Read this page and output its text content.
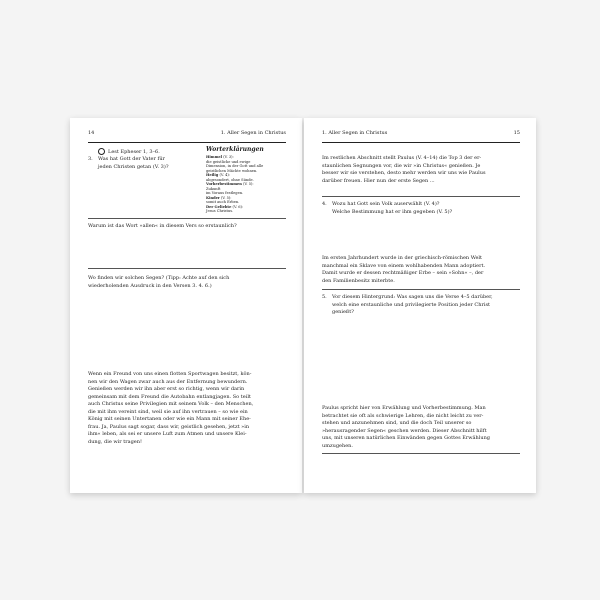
14	1. Aller Segen in Christus
Lest Epheser 1, 3–6.
3. Was hat Gott der Vater für
jeden Christen getan (V. 3)?
Worterklärungen
Himmel (V. 3):
die geistliche und ewige
Dimension, in der Gott und alle
geistlichen Mächte wohnen.
Heilig (V. 4):
abgesondert, ohne Sünde.
Vorherbestimmen (V. 5):
Zukunft
im Voraus festlegen.
Kinder (V. 5):
somit auch Erben.
Der Geliebte (V. 6):
Jesus Christus.
Warum ist das Wort »allen« in diesem Vers so erstaunlich?
Wo finden wir solchen Segen? (Tipp: Achte auf den sich
wiederholenden Ausdruck in den Versen 3. 4. 6.)
Wenn ein Freund von uns einen flotten Sportwagen besitzt, kön-
nen wir den Wagen zwar auch aus der Entfernung bewundern.
Genießen werden wir ihn aber erst so richtig, wenn wir darin
gemeinsam mit dem Freund die Autobahn entlangjagen. So teilt
auch Christus seine Privilegien mit seinem Volk – den Menschen,
die mit ihm vereint sind, weil sie auf ihn vertrauen – so wie ein
König mit seinen Untertanen oder wie ein Mann mit seiner Ehe-
frau. Ja, Paulus sagt sogar, dass wir, geistlich gesehen, jetzt »in
ihm« leben, als sei er unsere Luft zum Atmen und unsere Klei-
dung, die wir tragen!
1. Aller Segen in Christus	15
Im restlichen Abschnitt stellt Paulus (V. 4–14) die Top 3 der er-
staunlichen Segnungen vor, die wir »in Christus« genießen. Je
besser wir sie verstehen, desto mehr werden wir uns wie Paulus
darüber freuen. Hier nun der erste Segen ...
4. Wozu hat Gott sein Volk auserwählt (V. 4)?
Welche Bestimmung hat er ihm gegeben (V. 5)?
Im ersten Jahrhundert wurde in der griechisch-römischen Welt
manchmal ein Sklave von einem wohlhabenden Mann adoptiert.
Damit wurde er dessen rechtmäßiger Erbe – sein »Sohn« –, der
den Familienbesitz miterbte.
5. Vor diesem Hintergrund: Was sagen uns die Verse 4–5 darüber,
welch eine erstaunliche und privilegierte Position jeder Christ
genießt?
Paulus spricht hier von Erwählung und Vorherbestimmung. Man
betrachtet sie oft als schwierige Lehren, die nicht leicht zu ver-
stehen und anzunehmen sind, und die doch Teil unserer so
»herausragender Segen« geschen werden. Dieser Abschnitt hilft
uns, mit unseren natürlichen Einwänden gegen Gottes Erwählung
umzugehen.
